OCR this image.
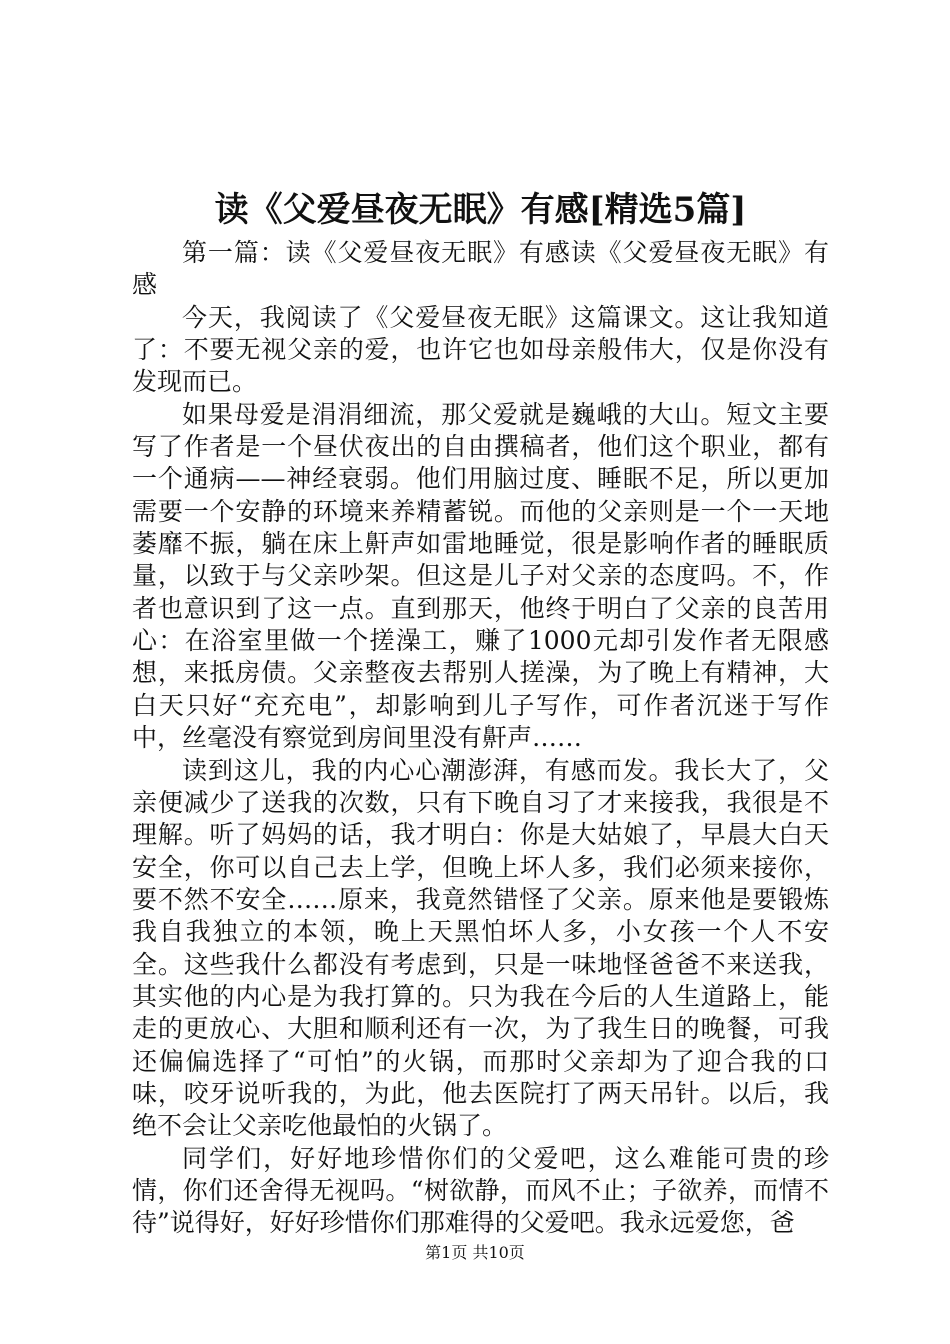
读《父爱昼夜无眠》有感[精选5篇]

第一篇：读《父爱昼夜无眠》有感读《父爱昼夜无眠》有感

今天，我阅读了《父爱昼夜无眠》这篇课文。这让我知道了：不要无视父亲的爱，也许它也如母亲般伟大，仅是你没有发现而已。

如果母爱是涓涓细流，那父爱就是巍峨的大山。短文主要写了作者是一个昼伏夜出的自由撰稿者，他们这个职业，都有一个通病——神经衰弱。他们用脑过度、睡眠不足，所以更加需要一个安静的环境来养精蓄锐。而他的父亲则是一个一天地萎靡不振，躺在床上鼾声如雷地睡觉，很是影响作者的睡眠质量，以致于与父亲吵架。但这是儿子对父亲的态度吗。不，作者也意识到了这一点。直到那天，他终于明白了父亲的良苦用心：在浴室里做一个搓澡工，赚了1000元却引发作者无限感想，来抵房债。父亲整夜去帮别人搓澡，为了晚上有精神，大白天只好“充充电”，却影响到儿子写作，可作者沉迷于写作中，丝毫没有察觉到房间里没有鼾声……

读到这儿，我的内心心潮澎湃，有感而发。我长大了，父亲便减少了送我的次数，只有下晚自习了才来接我，我很是不理解。听了妈妈的话，我才明白：你是大姑娘了，早晨大白天安全，你可以自己去上学，但晚上坏人多，我们必须来接你，要不然不安全……原来，我竟然错怪了父亲。原来他是要锻炼我自我独立的本领，晚上天黑怕坏人多，小女孩一个人不安全。这些我什么都没有考虑到，只是一味地怪爸爸不来送我，其实他的内心是为我打算的。只为我在今后的人生道路上，能走的更放心、大胆和顺利还有一次，为了我生日的晚餐，可我还偏偏选择了“可怕”的火锅，而那时父亲却为了迎合我的口味，咬牙说听我的，为此，他去医院打了两天吊针。以后，我绝不会让父亲吃他最怕的火锅了。

同学们，好好地珍惜你们的父爱吧，这么难能可贵的珍情，你们还舍得无视吗。“树欲静，而风不止；子欲养，而情不待”说得好，好好珍惜你们那难得的父爱吧。我永远爱您，爸

第1页 共10页
